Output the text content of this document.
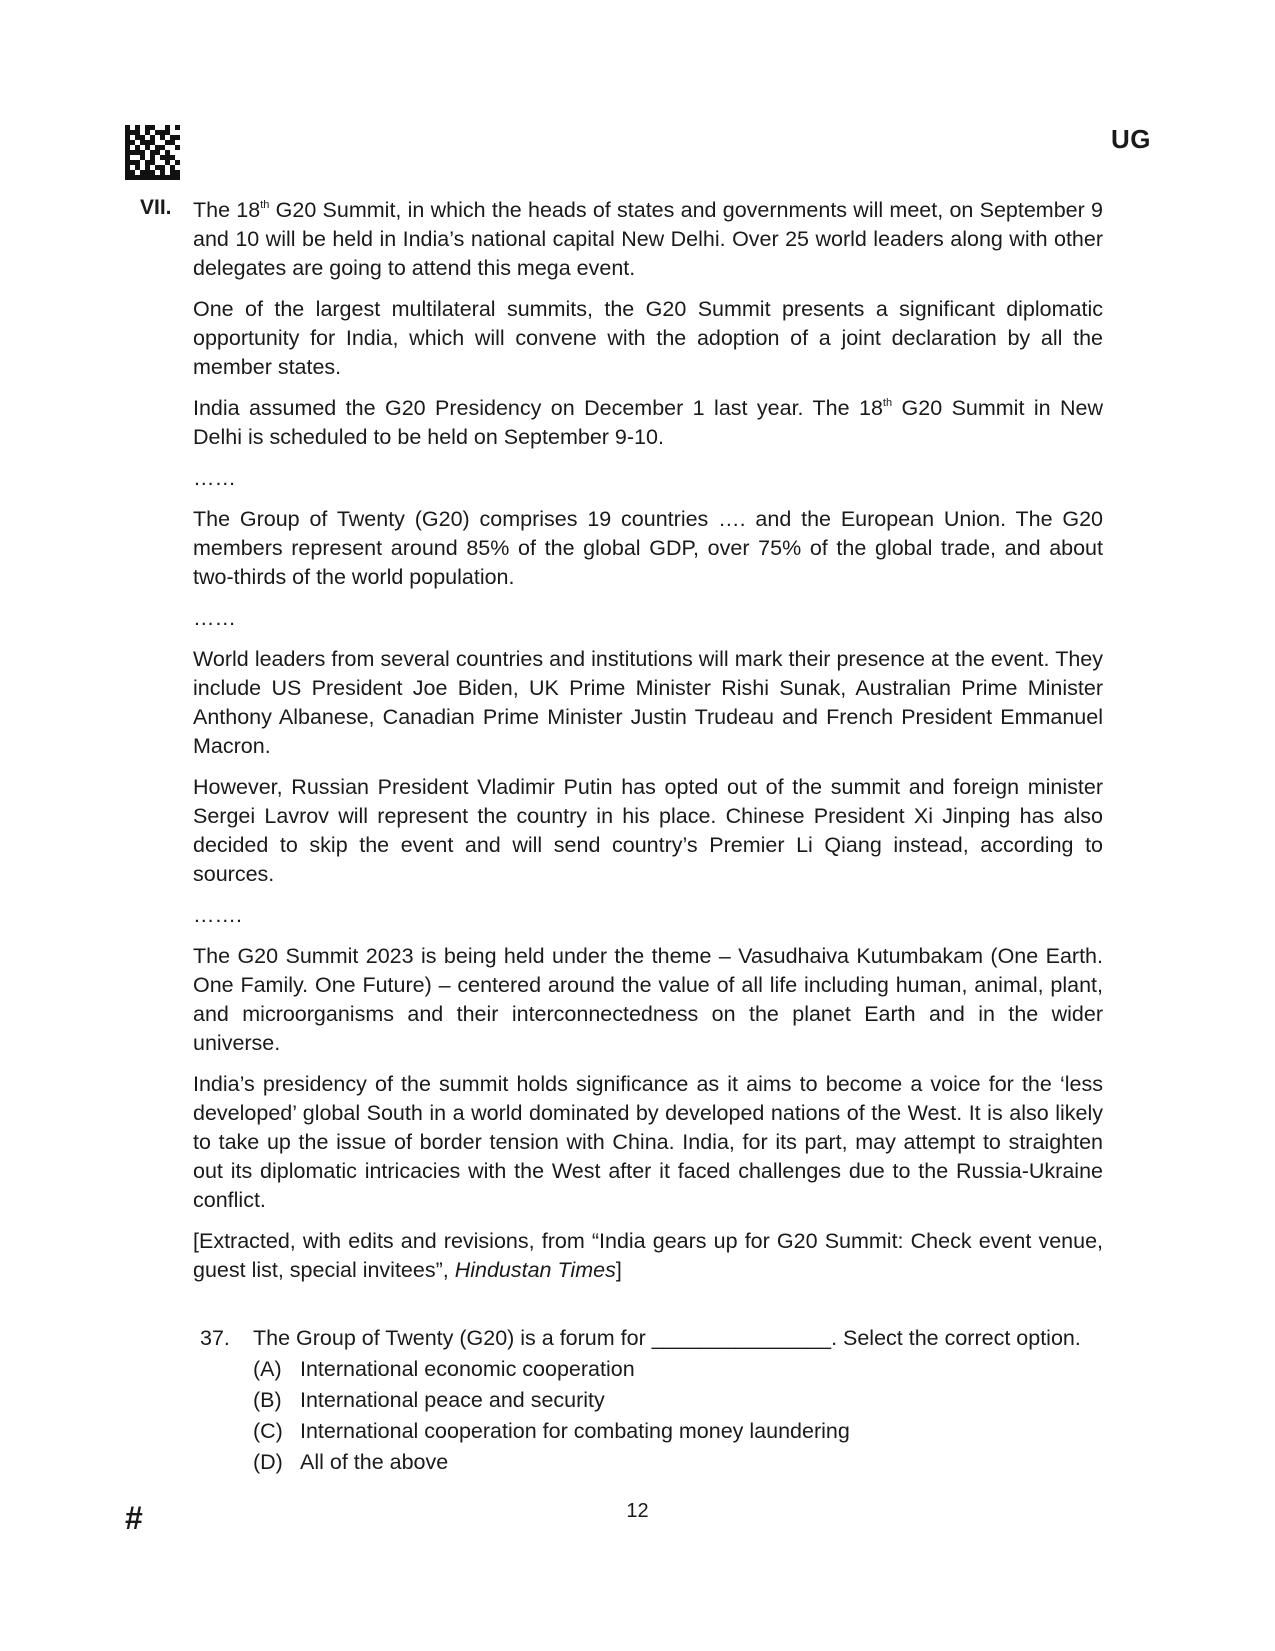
UG
VII. The 18th G20 Summit, in which the heads of states and governments will meet, on September 9 and 10 will be held in India’s national capital New Delhi. Over 25 world leaders along with other delegates are going to attend this mega event.

One of the largest multilateral summits, the G20 Summit presents a significant diplomatic opportunity for India, which will convene with the adoption of a joint declaration by all the member states.

India assumed the G20 Presidency on December 1 last year. The 18th G20 Summit in New Delhi is scheduled to be held on September 9-10.

……

The Group of Twenty (G20) comprises 19 countries …. and the European Union. The G20 members represent around 85% of the global GDP, over 75% of the global trade, and about two-thirds of the world population.

……

World leaders from several countries and institutions will mark their presence at the event. They include US President Joe Biden, UK Prime Minister Rishi Sunak, Australian Prime Minister Anthony Albanese, Canadian Prime Minister Justin Trudeau and French President Emmanuel Macron.

However, Russian President Vladimir Putin has opted out of the summit and foreign minister Sergei Lavrov will represent the country in his place. Chinese President Xi Jinping has also decided to skip the event and will send country’s Premier Li Qiang instead, according to sources.

…….

The G20 Summit 2023 is being held under the theme – Vasudhaiva Kutumbakam (One Earth. One Family. One Future) – centered around the value of all life including human, animal, plant, and microorganisms and their interconnectedness on the planet Earth and in the wider universe.

India’s presidency of the summit holds significance as it aims to become a voice for the ‘less developed’ global South in a world dominated by developed nations of the West. It is also likely to take up the issue of border tension with China. India, for its part, may attempt to straighten out its diplomatic intricacies with the West after it faced challenges due to the Russia-Ukraine conflict.

[Extracted, with edits and revisions, from “India gears up for G20 Summit: Check event venue, guest list, special invitees”, Hindustan Times]

37.	The Group of Twenty (G20) is a forum for _______________. Select the correct option.
(A) International economic cooperation
(B) International peace and security
(C) International cooperation for combating money laundering
(D) All of the above
#	12
